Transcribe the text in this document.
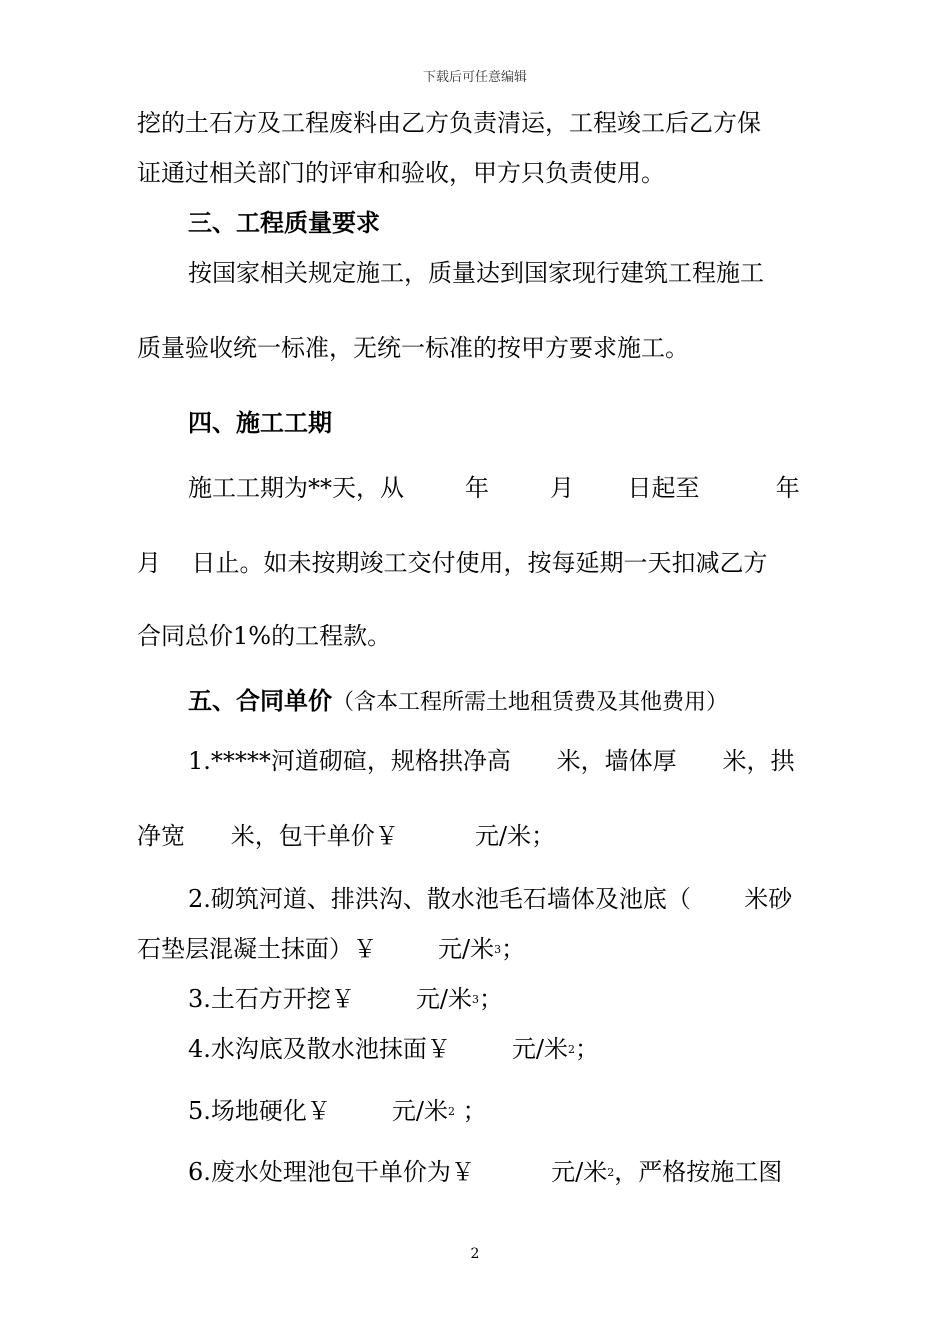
下载后可任意编辑
挖的土石方及工程废料由乙方负责清运，工程竣工后乙方保
证通过相关部门的评审和验收，甲方只负责使用。
三、工程质量要求
按国家相关规定施工，质量达到国家现行建筑工程施工
质量验收统一标准，无统一标准的按甲方要求施工。
四、施工工期
施工工期为**天，从        年        月       日起至          年
月    日止。如未按期竣工交付使用，按每延期一天扣减乙方
合同总价1%的工程款。
五、合同单价（含本工程所需土地租赁费及其他费用）
1.*****河道砌碹，规格拱净高      米，墙体厚      米，拱
净宽      米，包干单价￥          元/米；
2.砌筑河道、排洪沟、散水池毛石墙体及池底（       米砂
石垫层混凝土抹面）￥        元/米$^3$；
3.土石方开挖￥        元/米$^3$；
4.水沟底及散水池抹面￥        元/米$^2$；
5.场地硬化￥        元/米$^2$ ；
6.废水处理池包干单价为￥          元/米$^2$，严格按施工图
2
